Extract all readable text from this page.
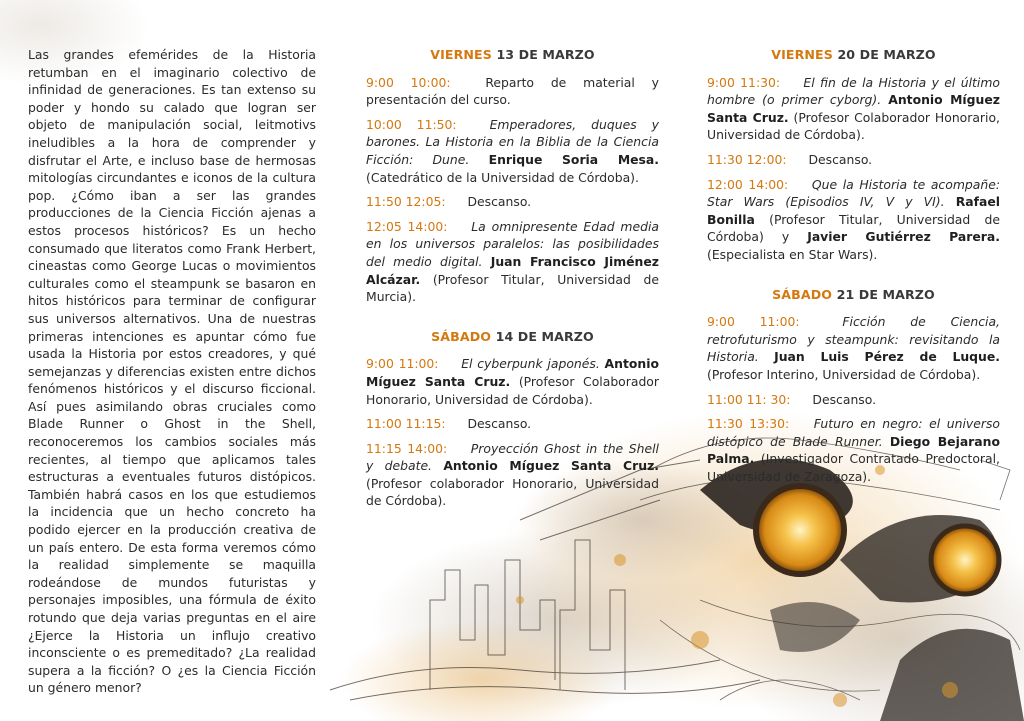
Las grandes efemérides de la Historia retumban en el imaginario colectivo de infinidad de generaciones. Es tan extenso su poder y hondo su calado que logran ser objeto de manipulación social, leitmotivs ineludibles a la hora de comprender y disfrutar el Arte, e incluso base de hermosas mitologías circundantes e iconos de la cultura pop. ¿Cómo iban a ser las grandes producciones de la Ciencia Ficción ajenas a estos procesos históricos? Es un hecho consumado que literatos como Frank Herbert, cineastas como George Lucas o movimientos culturales como el steampunk se basaron en hitos históricos para terminar de configurar sus universos alternativos. Una de nuestras primeras intenciones es apuntar cómo fue usada la Historia por estos creadores, y qué semejanzas y diferencias existen entre dichos fenómenos históricos y el discurso ficcional. Así pues asimilando obras cruciales como Blade Runner o Ghost in the Shell, reconoceremos los cambios sociales más recientes, al tiempo que aplicamos tales estructuras a eventuales futuros distópicos. También habrá casos en los que estudiemos la incidencia que un hecho concreto ha podido ejercer en la producción creativa de un país entero. De esta forma veremos cómo la realidad simplemente se maquilla rodeándose de mundos futuristas y personajes imposibles, una fórmula de éxito rotundo que deja varias preguntas en el aire ¿Ejerce la Historia un influjo creativo inconsciente o es premeditado? ¿La realidad supera a la ficción? O ¿es la Ciencia Ficción un género menor?

VIERNES 13 DE MARZO
9:00 10:00:	Reparto de material y presentación del curso.
10:00 11:50:	Emperadores, duques y barones. La Historia en la Biblia de la Ciencia Ficción: Dune. Enrique Soria Mesa. (Catedrático de la Universidad de Córdoba).
11:50 12:05: Descanso.
12:05 14:00: La omnipresente Edad media en los universos paralelos: las posibilidades del medio digital. Juan Francisco Jiménez Alcázar. (Profesor Titular, Universidad de Murcia).
SÁBADO 14 DE MARZO
9:00 11:00: El cyberpunk japonés. Antonio Míguez Santa Cruz. (Profesor Colaborador Honorario, Universidad de Córdoba).
11:00 11:15: Descanso.
11:15 14:00: Proyección Ghost in the Shell y debate. Antonio Míguez Santa Cruz. (Profesor colaborador Honorario, Universidad de Córdoba).
VIERNES 20 DE MARZO
9:00 11:30: El fin de la Historia y el último hombre (o primer cyborg). Antonio Míguez Santa Cruz. (Profesor Colaborador Honorario, Universidad de Córdoba).
11:30 12:00: Descanso.
12:00 14:00: Que la Historia te acompañe: Star Wars (Episodios IV, V y VI). Rafael Bonilla (Profesor Titular, Universidad de Córdoba) y Javier Gutiérrez Parera. (Especialista en Star Wars).
SÁBADO 21 DE MARZO
9:00 11:00:	Ficción de Ciencia, retrofuturismo y steampunk: revisitando la Historia. Juan Luis Pérez de Luque. (Profesor Interino, Universidad de Córdoba).
11:00 11: 30: Descanso.
11:30 13:30: Futuro en negro: el universo distópico de Blade Runner. Diego Bejarano Palma. (Investigador Contratado Predoctoral, Universidad de Zaragoza).
